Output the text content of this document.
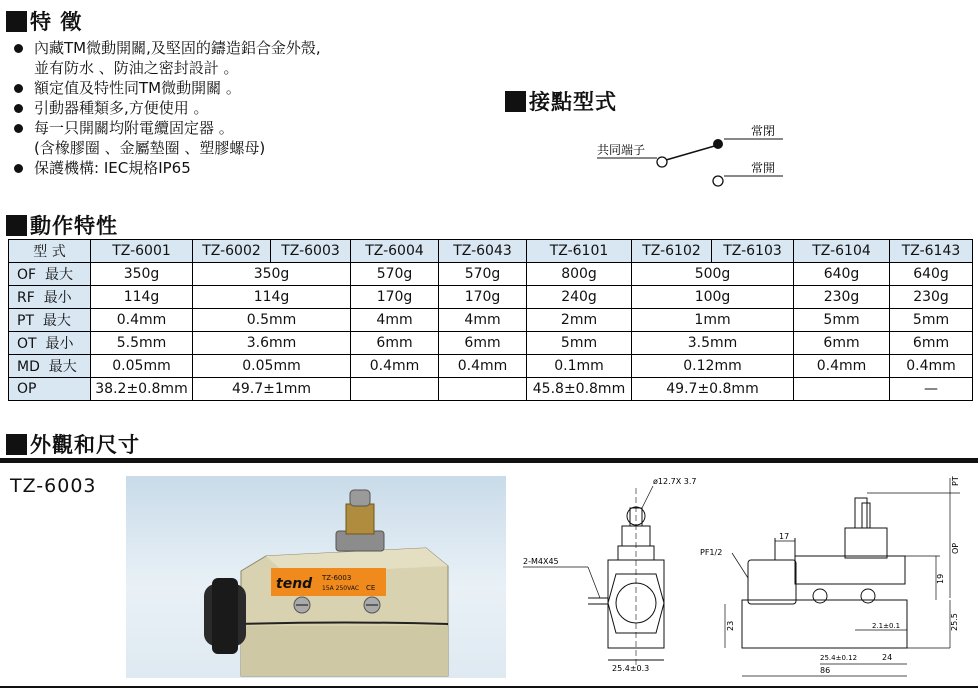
特 徵
內藏TM微動開關,及堅固的鑄造鋁合金外殼,
並有防水 、防油之密封設計 。
額定值及特性同TM微動開關 。
引動器種類多,方便使用 。
每一只開關均附電纜固定器 。
(含橡膠圈 、金屬墊圈 、塑膠螺母)
保護機構: IEC規格IP65
接點型式
共同端子
常閉
常開
動作特性
型 式	TZ-6001	TZ-6002	TZ-6003	TZ-6004	TZ-6043	TZ-6101	TZ-6102	TZ-6103	TZ-6104	TZ-6143
OF 最大	350g	350g		570g	570g	800g	500g		640g	640g
RF 最小	114g	114g		170g	170g	240g	100g		230g	230g
PT 最大	0.4mm	0.5mm		4mm	4mm	2mm	1mm		5mm	5mm
OT 最小	5.5mm	3.6mm		6mm	6mm	5mm	3.5mm		6mm	6mm
MD 最大	0.05mm	0.05mm		0.4mm	0.4mm	0.1mm	0.12mm		0.4mm	0.4mm
OP	38.2±0.8mm	49.7±1mm				45.8±0.8mm	49.7±0.8mm			—
外觀和尺寸
TZ-6003
tend TZ-6003
15A 250VAC CE
ø12.7X 3.7
2-M4X45
25.4±0.3
17
PF1/2
PT
OP
19
25.5
23	2.1±0.1
25.4±0.12	24
86
